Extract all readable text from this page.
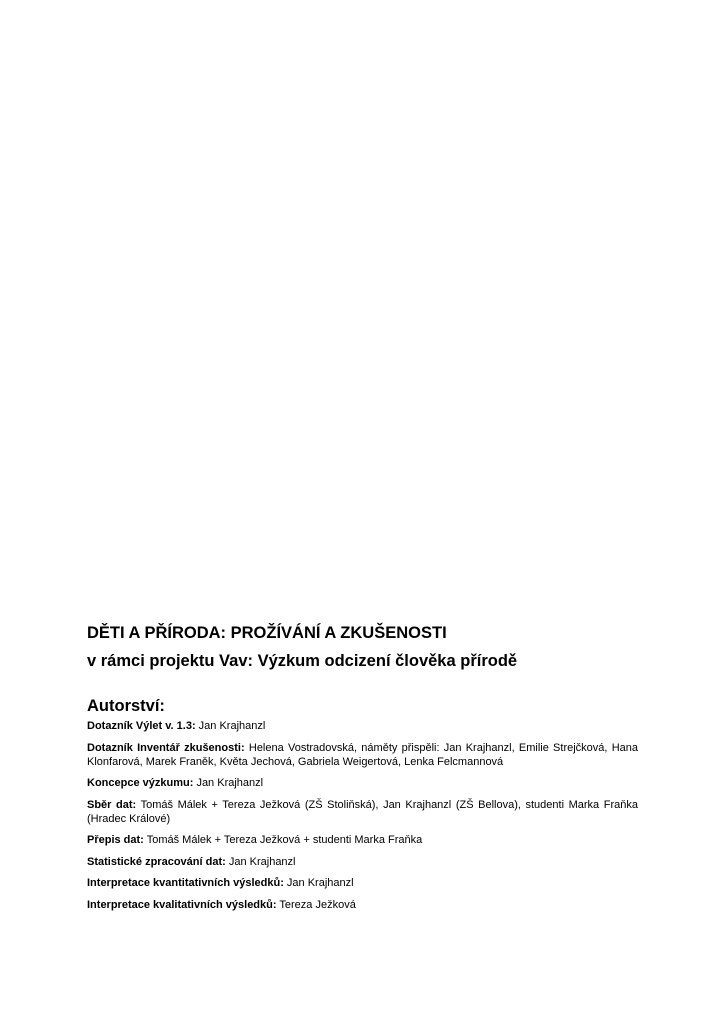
DĚTI A PŘÍRODA: PROŽÍVÁNÍ A ZKUŠENOSTI
v rámci projektu Vav: Výzkum odcizení člověka přírodě
Autorství:

Dotazník Výlet v. 1.3: Jan Krajhanzl

Dotazník Inventář zkušenosti: Helena Vostradovská, náměty přispěli: Jan Krajhanzl, Emilie Strejčková, Hana Klonfarová, Marek Franěk, Květa Jechová, Gabriela Weigertová, Lenka Felcmannová

Koncepce výzkumu: Jan Krajhanzl

Sběr dat: Tomáš Málek + Tereza Ježková (ZŠ Stoliňská), Jan Krajhanzl (ZŠ Bellova), studenti Marka Fraňka (Hradec Králové)

Přepis dat: Tomáš Málek + Tereza Ježková + studenti Marka Fraňka

Statistické zpracování dat: Jan Krajhanzl

Interpretace kvantitativních výsledků: Jan Krajhanzl

Interpretace kvalitativních výsledků: Tereza Ježková
